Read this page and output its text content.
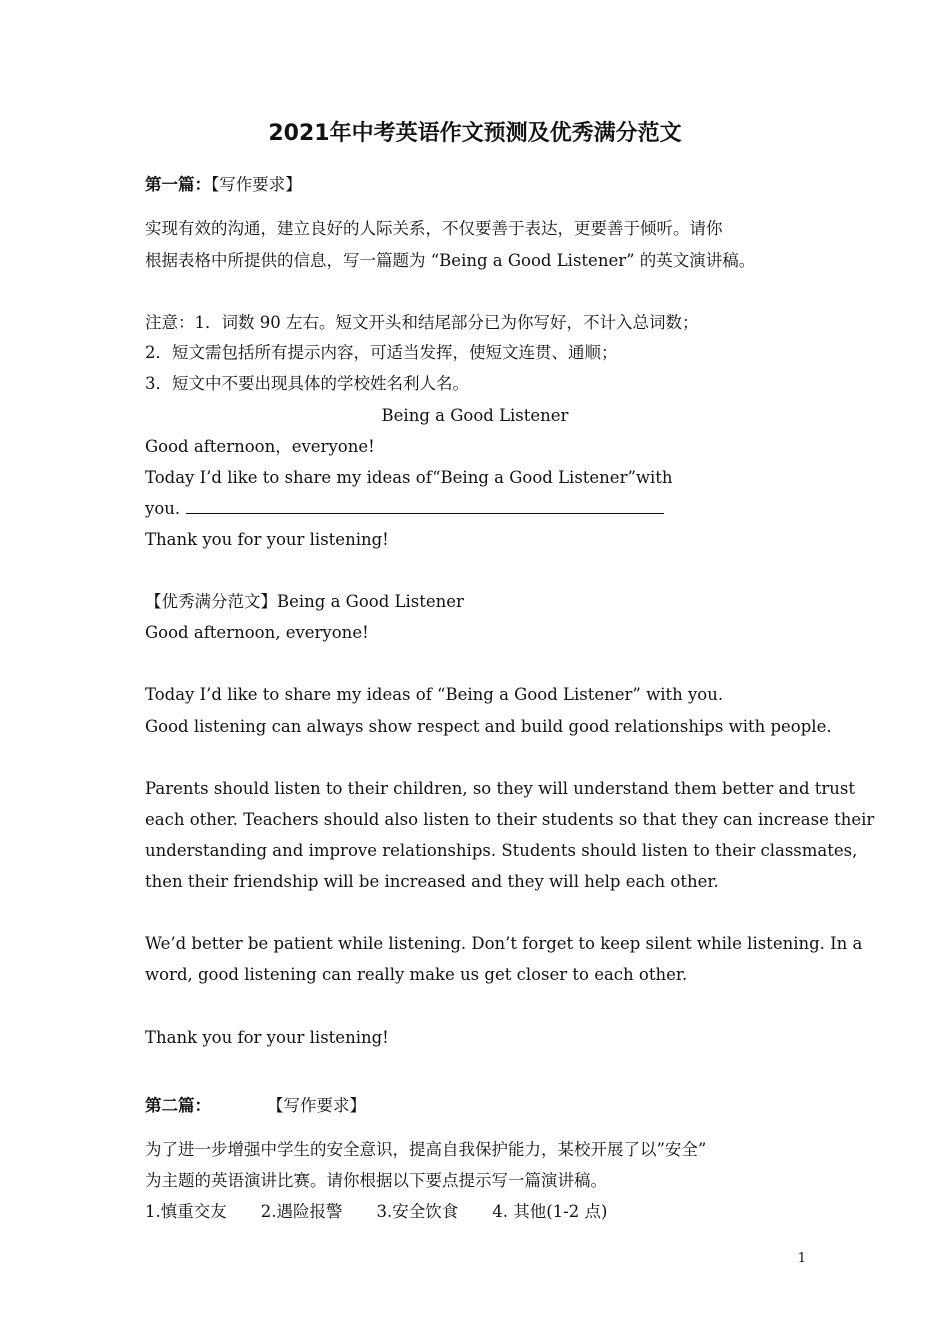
2021年中考英语作文预测及优秀满分范文
第一篇：【写作要求】
实现有效的沟通，建立良好的人际关系，不仅要善于表达，更要善于倾听。请你
根据表格中所提供的信息，写一篇题为 “Being a Good Listener” 的英文演讲稿。
注意：1．词数 90 左右。短文开头和结尾部分已为你写好，不计入总词数；
2．短文需包括所有提示内容，可适当发挥，使短文连贯、通顺；
3．短文中不要出现具体的学校姓名利人名。
Being a Good Listener
Good afternoon，everyone!
Today I’d like to share my ideas of“Being a Good Listener”with
you.
Thank you for your listening!
【优秀满分范文】Being a Good Listener
Good afternoon, everyone!
Today I’d like to share my ideas of “Being a Good Listener” with you.
Good listening can always show respect and build good relationships with people.
Parents should listen to their children, so they will understand them better and trust
each other. Teachers should also listen to their students so that they can increase their
understanding and improve relationships. Students should listen to their classmates,
then their friendship will be increased and they will help each other.
We’d better be patient while listening. Don’t forget to keep silent while listening. In a
word, good listening can really make us get closer to each other.
Thank you for your listening!
第二篇：	【写作要求】
为了进一步增强中学生的安全意识，提高自我保护能力，某校开展了以”安全”
为主题的英语演讲比赛。请你根据以下要点提示写一篇演讲稿。
1.慎重交友 2.遇险报警 3.安全饮食 4. 其他(1-2 点)
1
